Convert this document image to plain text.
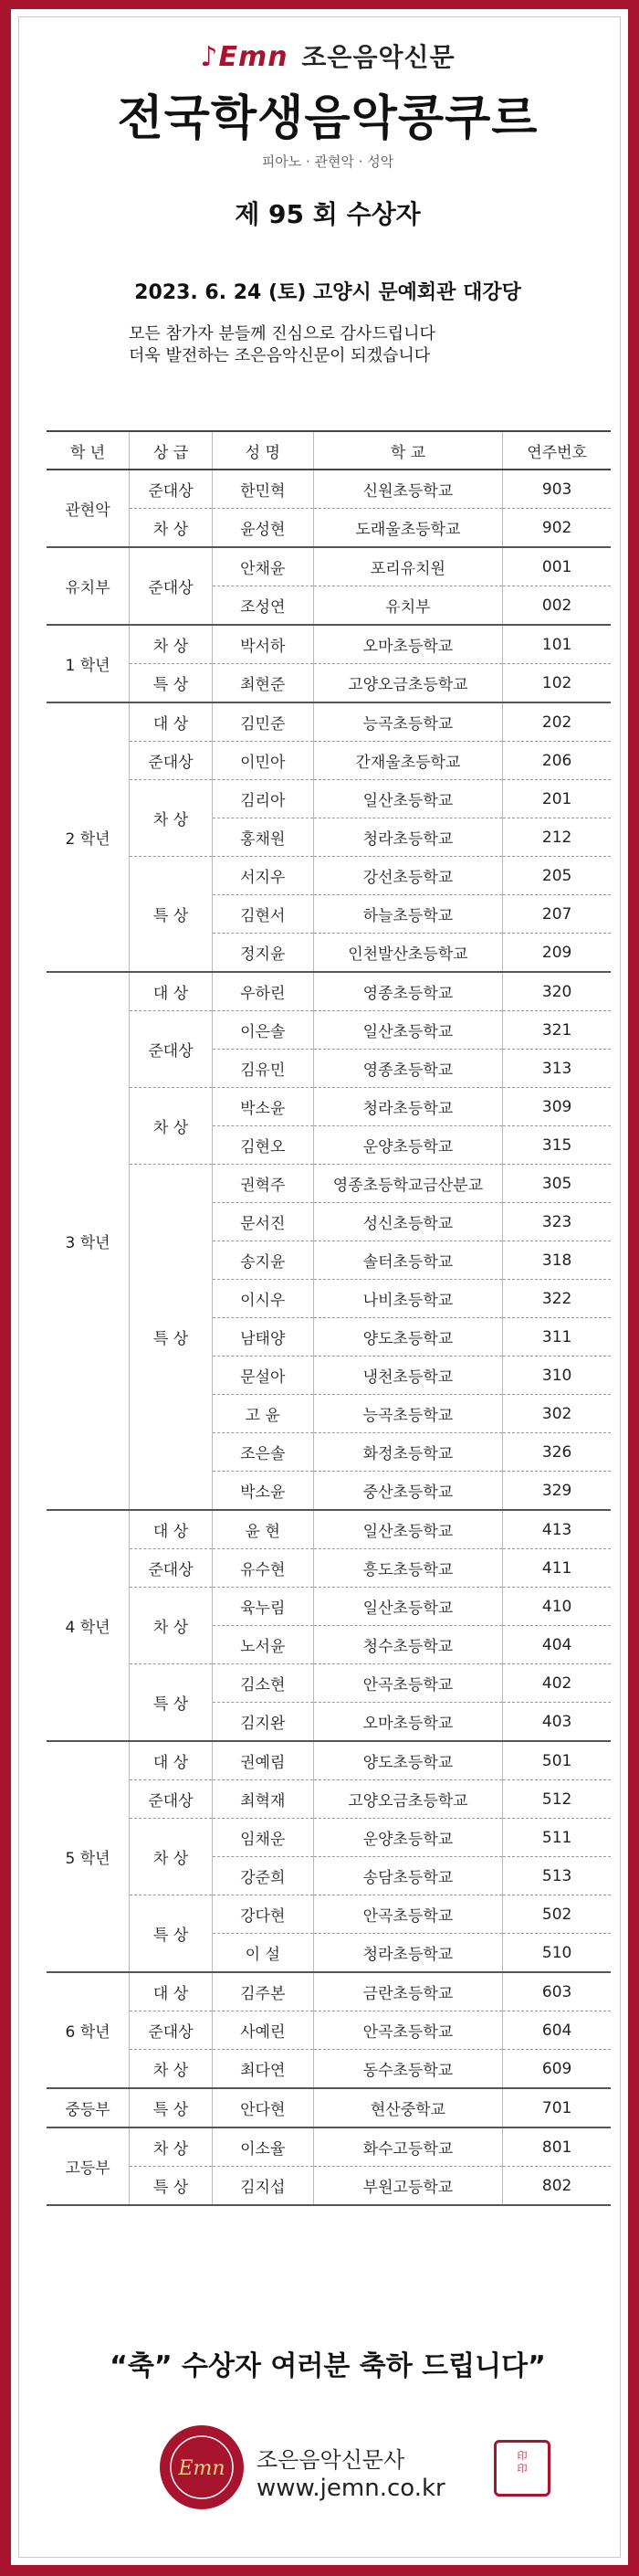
♪Emn 조은음악신문
전국학생음악콩쿠르
피아노 · 관현악 · 성악
제 95 회 수상자
2023. 6. 24 (토) 고양시 문예회관 대강당
모든 참가자 분들께 진심으로 감사드립니다
더욱 발전하는 조은음악신문이 되겠습니다
학 년	상 급	성 명	학 교	연주번호
관현악	준대상	한민혁	신원초등학교	903
	차 상	윤성현	도래울초등학교	902
유치부	준대상	안채윤	포리유치원	001
		조성연	유치부	002
1 학년	차 상	박서하	오마초등학교	101
	특 상	최현준	고양오금초등학교	102
2 학년	대 상	김민준	능곡초등학교	202
	준대상	이민아	간재울초등학교	206
	차 상	김리아	일산초등학교	201
		홍채원	청라초등학교	212
	특 상	서지우	강선초등학교	205
		김현서	하늘초등학교	207
		정지윤	인천발산초등학교	209
3 학년	대 상	우하린	영종초등학교	320
	준대상	이은솔	일산초등학교	321
		김유민	영종초등학교	313
	차 상	박소윤	청라초등학교	309
		김현오	운양초등학교	315
	특 상	권혁주	영종초등학교금산분교	305
		문서진	성신초등학교	323
		송지윤	솔터초등학교	318
		이시우	나비초등학교	322
		남태양	양도초등학교	311
		문설아	냉천초등학교	310
		고 윤	능곡초등학교	302
		조은솔	화정초등학교	326
		박소윤	중산초등학교	329
4 학년	대 상	윤 현	일산초등학교	413
	준대상	유수현	흥도초등학교	411
	차 상	육누림	일산초등학교	410
		노서윤	청수초등학교	404
	특 상	김소현	안곡초등학교	402
		김지완	오마초등학교	403
5 학년	대 상	권예림	양도초등학교	501
	준대상	최혁재	고양오금초등학교	512
	차 상	임채운	운양초등학교	511
		강준희	송담초등학교	513
	특 상	강다현	안곡초등학교	502
		이 설	청라초등학교	510
6 학년	대 상	김주본	금란초등학교	603
	준대상	사예린	안곡초등학교	604
	차 상	최다연	동수초등학교	609
중등부	특 상	안다현	현산중학교	701
고등부	차 상	이소율	화수고등학교	801
	특 상	김지섭	부원고등학교	802
“축” 수상자 여러분 축하 드립니다”
Emn 조은음악신문사
www.jemn.co.kr
印
印
